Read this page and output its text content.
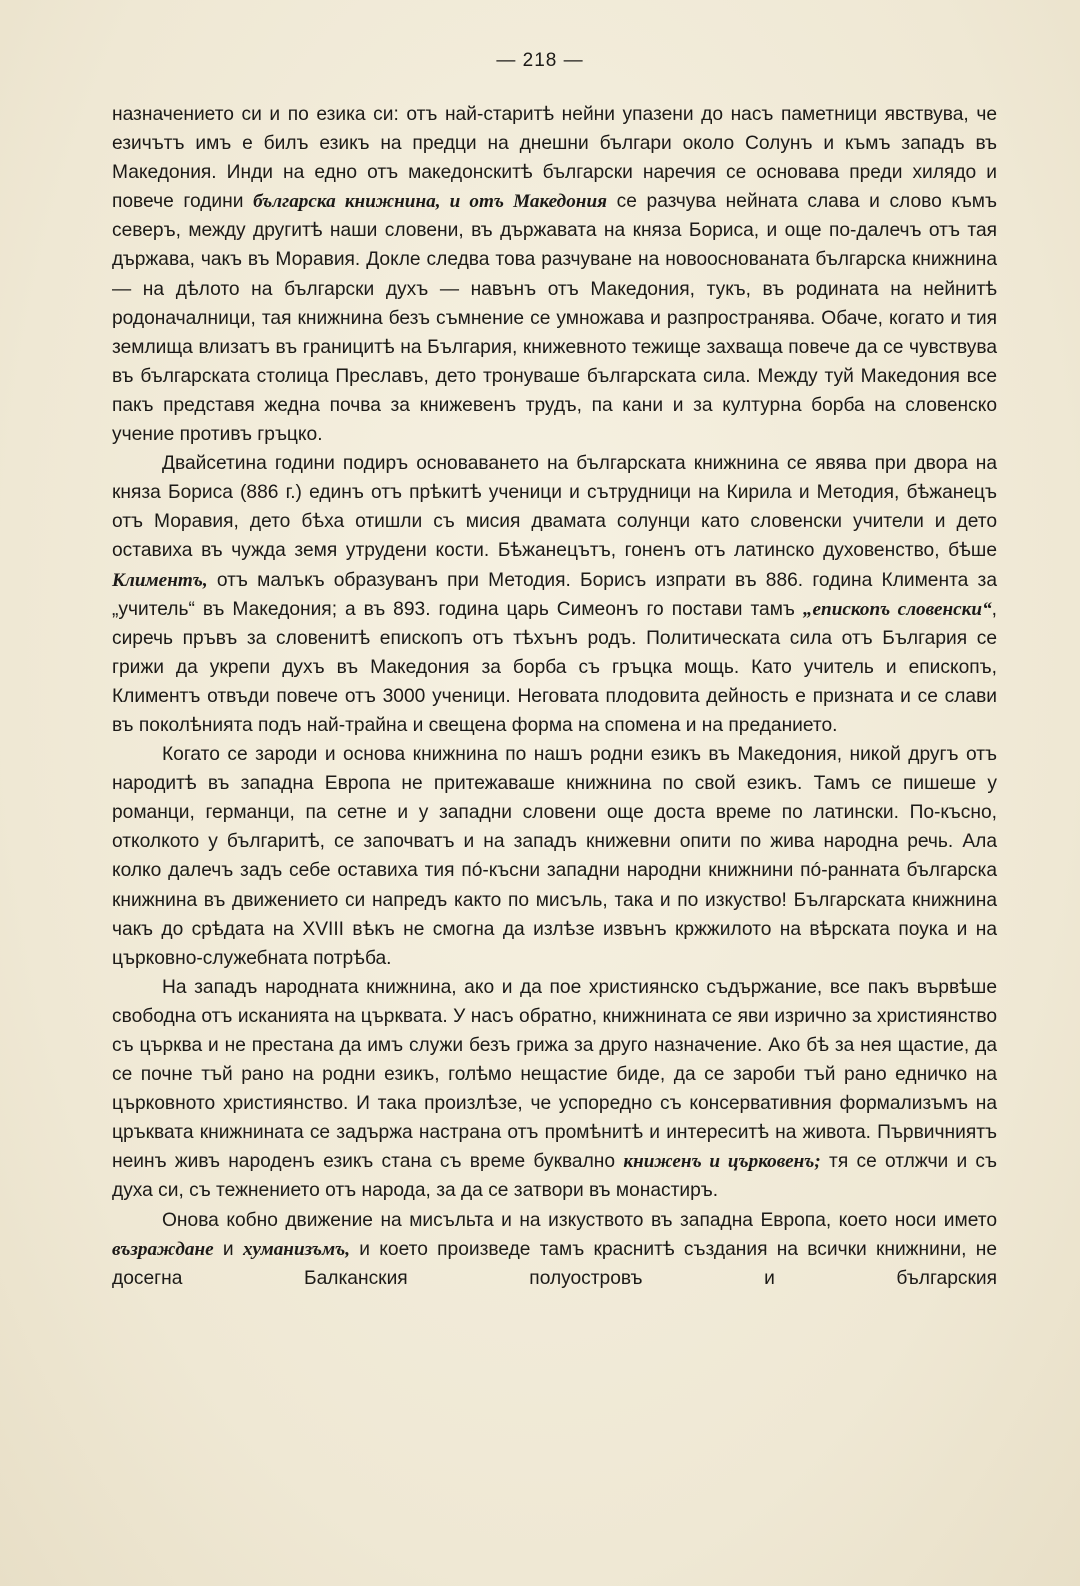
— 218 —

назначението си и по езика си: отъ най-старитѣ нейни упазени до насъ паметници явствува, че езичътъ имъ е билъ езикъ на предци на днешни българи около Солунъ и къмъ западъ въ Македония. Инди на едно отъ македонскитѣ български наречия се основава преди хилядо и повече години българска книжнина, и отъ Македония се разчува нейната слава и слово къмъ северъ, между другитѣ наши словени, въ държавата на княза Бориса, и още по-далечъ отъ тая държава, чакъ въ Моравия. Докле следва това разчуване на новооснованата българска книжнина — на дѣлото на български духъ — навънъ отъ Македония, тукъ, въ родината на нейнитѣ родоначалници, тая книжнина безъ съмнение се умножава и разпространява. Обаче, когато и тия землища влизатъ въ границитѣ на България, книжевното тежище захваща повече да се чувствува въ българската столица Преславъ, дето тронуваше българската сила. Между туй Македония все пакъ представя жедна почва за книжевенъ трудъ, па кани и за културна борба на словенско учение противъ гръцко.

Двайсетина години подиръ основаването на българската книжнина се явява при двора на княза Бориса (886 г.) единъ отъ прѣкитѣ ученици и сътрудници на Кирила и Методия, бѣжанецъ отъ Моравия, дето бѣха отишли съ мисия двамата солунци като словенски учители и дето оставиха въ чужда земя утрудени кости. Бѣжанецътъ, гоненъ отъ латинско духовенство, бѣше Климентъ, отъ малъкъ образуванъ при Методия. Борисъ изпрати въ 886. година Климента за „учитель“ въ Македония; а въ 893. година царь Симеонъ го постави тамъ „епископъ словенски“, сиречь пръвъ за словенитѣ епископъ отъ тѣхънъ родъ. Политическата сила отъ България се грижи да укрепи духъ въ Македония за борба съ гръцка мощь. Като учитель и епископъ, Климентъ отвъди повече отъ 3000 ученици. Неговата плодовита дейность е призната и се слави въ поколѣнията подъ най-трайна и свещена форма на спомена и на преданието.

Когато се зароди и основа книжнина по нашъ родни езикъ въ Македония, никой другъ отъ народитѣ въ западна Европа не притежаваше книжнина по свой езикъ. Тамъ се пишеше у романци, германци, па сетне и у западни словени още доста време по латински. По-късно, отколкото у българитѣ, се започватъ и на западъ книжевни опити по жива народна речь. Ала колко далечъ задъ себе оставиха тия пó-късни западни народни книжнини пó-ранната българска книжнина въ движението си напредъ както по мисъль, така и по изкуство! Българската книжнина чакъ до срѣдата на XVIII вѣкъ не смогна да излѣзе извънъ кржжилото на вѣрската поука и на църковно-служебната потрѣба.

На западъ народната книжнина, ако и да пое християнско съдържание, все пакъ вървѣше свободна отъ исканията на църквата. У насъ обратно, книжнината се яви изрично за християнство съ църква и не престана да имъ служи безъ грижа за друго назначение. Ако бѣ за нея щастие, да се почне тъй рано на родни езикъ, голѣмо нещастие биде, да се зароби тъй рано едничко на църковното християнство. И така произлѣзе, че успоредно съ консервативния формализъмъ на цръквата книжнината се задържа настрана отъ промѣнитѣ и интереситѣ на живота. Първичниятъ неинъ живъ народенъ езикъ стана съ време буквално книженъ и църковенъ; тя се отлжчи и съ духа си, съ тежнението отъ народа, за да се затвори въ монастиръ.

Онова кобно движение на мисъльта и на изкуството въ западна Европа, което носи името възраждане и хуманизъмъ, и което произведе тамъ краснитѣ създания на всички книжнини, не досегна Балканския полуостровъ и българския
